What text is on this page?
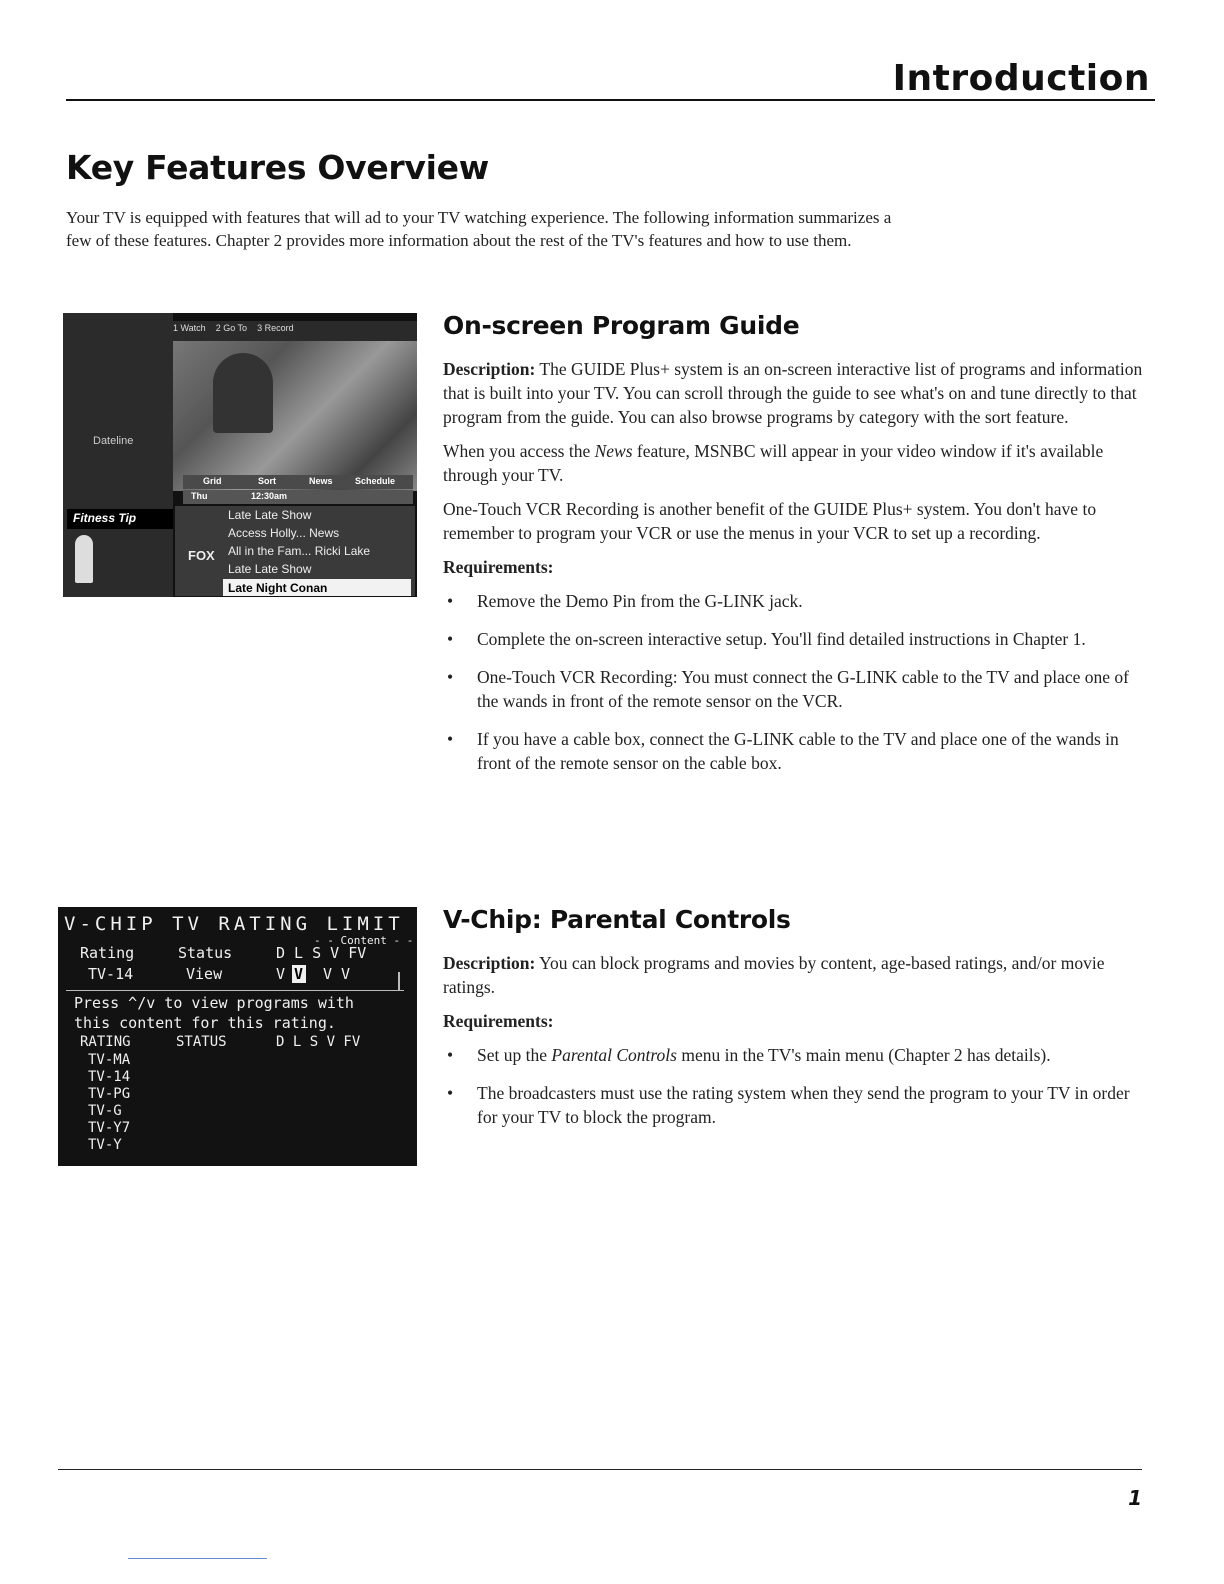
Introduction
Key Features Overview
Your TV is equipped with features that will ad to your TV watching experience. The following information summarizes a few of these features. Chapter 2 provides more information about the rest of the TV's features and how to use them.
1 Watch 2 Go To 3 Record
Dateline
Fitness Tip
Grid	Sort	News Schedule
Thu	12:30am
FOX
Late Late Show
Access Holly... News
All in the Fam... Ricki Lake
Late Late Show
Late Night Conan
On-screen Program Guide

Description: The GUIDE Plus+ system is an on-screen interactive list of programs and information that is built into your TV. You can scroll through the guide to see what's on and tune directly to that program from the guide. You can also browse programs by category with the sort feature.

When you access the News feature, MSNBC will appear in your video window if it's available through your TV.

One-Touch VCR Recording is another benefit of the GUIDE Plus+ system. You don't have to remember to program your VCR or use the menus in your VCR to set up a recording.

Requirements:

• Remove the Demo Pin from the G-LINK jack.
• Complete the on-screen interactive setup. You'll find detailed instructions in Chapter 1.
• One-Touch VCR Recording: You must connect the G-LINK cable to the TV and place one of the wands in front of the remote sensor on the VCR.
• If you have a cable box, connect the G-LINK cable to the TV and place one of the wands in front of the remote sensor on the cable box.
V-CHIP TV RATING LIMIT
- - Content - -
Rating	Status	D L S V FV
TV-14	View	V V V V
Press ^/v to view programs with
this content for this rating.
RATING	STATUS	D L S V FV
TV-MA
TV-14
TV-PG
TV-G
TV-Y7
TV-Y
V-Chip: Parental Controls

Description: You can block programs and movies by content, age-based ratings, and/or movie ratings.

Requirements:

• Set up the Parental Controls menu in the TV's main menu (Chapter 2 has details).
• The broadcasters must use the rating system when they send the program to your TV in order for your TV to block the program.
1
